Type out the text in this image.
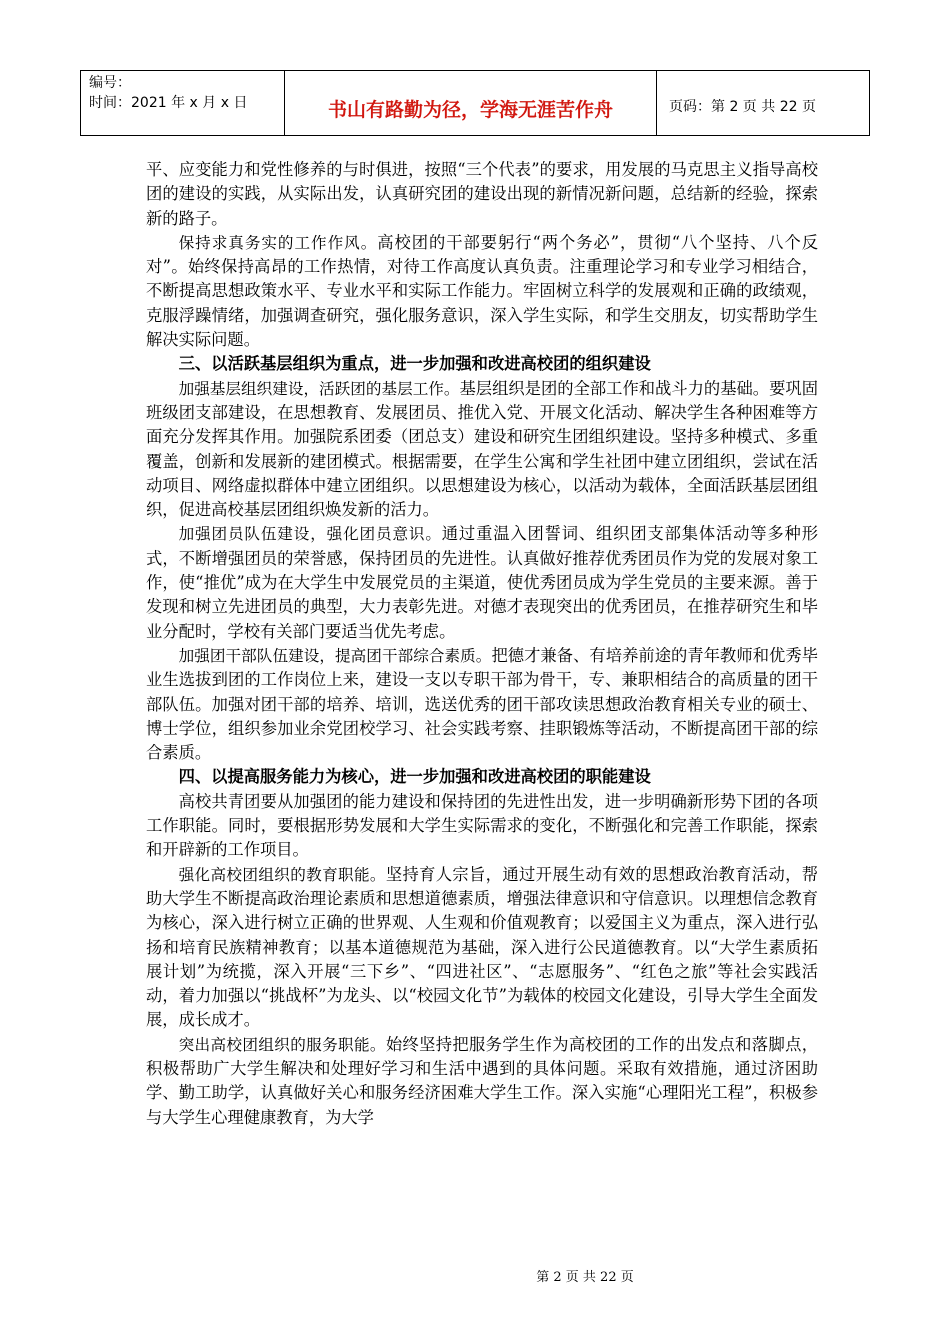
编号：
时间：2021 年 x 月 x 日	书山有路勤为径，学海无涯苦作舟	页码：第 2 页 共 22 页

平、应变能力和党性修养的与时俱进，按照“三个代表”的要求，用发展的马克思主义指导高校团的建设的实践，从实际出发，认真研究团的建设出现的新情况新问题，总结新的经验，探索新的路子。

保持求真务实的工作作风。高校团的干部要躬行“两个务必”，贯彻“八个坚持、八个反对”。始终保持高昂的工作热情，对待工作高度认真负责。注重理论学习和专业学习相结合，不断提高思想政策水平、专业水平和实际工作能力。牢固树立科学的发展观和正确的政绩观，克服浮躁情绪，加强调查研究，强化服务意识，深入学生实际，和学生交朋友，切实帮助学生解决实际问题。

三、以活跃基层组织为重点，进一步加强和改进高校团的组织建设

加强基层组织建设，活跃团的基层工作。基层组织是团的全部工作和战斗力的基础。要巩固班级团支部建设，在思想教育、发展团员、推优入党、开展文化活动、解决学生各种困难等方面充分发挥其作用。加强院系团委（团总支）建设和研究生团组织建设。坚持多种模式、多重覆盖，创新和发展新的建团模式。根据需要，在学生公寓和学生社团中建立团组织，尝试在活动项目、网络虚拟群体中建立团组织。以思想建设为核心，以活动为载体，全面活跃基层团组织，促进高校基层团组织焕发新的活力。

加强团员队伍建设，强化团员意识。通过重温入团誓词、组织团支部集体活动等多种形式，不断增强团员的荣誉感，保持团员的先进性。认真做好推荐优秀团员作为党的发展对象工作，使“推优”成为在大学生中发展党员的主渠道，使优秀团员成为学生党员的主要来源。善于发现和树立先进团员的典型，大力表彰先进。对德才表现突出的优秀团员，在推荐研究生和毕业分配时，学校有关部门要适当优先考虑。

加强团干部队伍建设，提高团干部综合素质。把德才兼备、有培养前途的青年教师和优秀毕业生选拔到团的工作岗位上来，建设一支以专职干部为骨干，专、兼职相结合的高质量的团干部队伍。加强对团干部的培养、培训，选送优秀的团干部攻读思想政治教育相关专业的硕士、博士学位，组织参加业余党团校学习、社会实践考察、挂职锻炼等活动，不断提高团干部的综合素质。

四、以提高服务能力为核心，进一步加强和改进高校团的职能建设

高校共青团要从加强团的能力建设和保持团的先进性出发，进一步明确新形势下团的各项工作职能。同时，要根据形势发展和大学生实际需求的变化，不断强化和完善工作职能，探索和开辟新的工作项目。

强化高校团组织的教育职能。坚持育人宗旨，通过开展生动有效的思想政治教育活动，帮助大学生不断提高政治理论素质和思想道德素质，增强法律意识和守信意识。以理想信念教育为核心，深入进行树立正确的世界观、人生观和价值观教育；以爱国主义为重点，深入进行弘扬和培育民族精神教育；以基本道德规范为基础，深入进行公民道德教育。以“大学生素质拓展计划”为统揽，深入开展“三下乡”、“四进社区”、“志愿服务”、“红色之旅”等社会实践活动，着力加强以“挑战杯”为龙头、以“校园文化节”为载体的校园文化建设，引导大学生全面发展，成长成才。

突出高校团组织的服务职能。始终坚持把服务学生作为高校团的工作的出发点和落脚点，积极帮助广大学生解决和处理好学习和生活中遇到的具体问题。采取有效措施，通过济困助学、勤工助学，认真做好关心和服务经济困难大学生工作。深入实施“心理阳光工程”，积极参与大学生心理健康教育，为大学

第 2 页 共 22 页
